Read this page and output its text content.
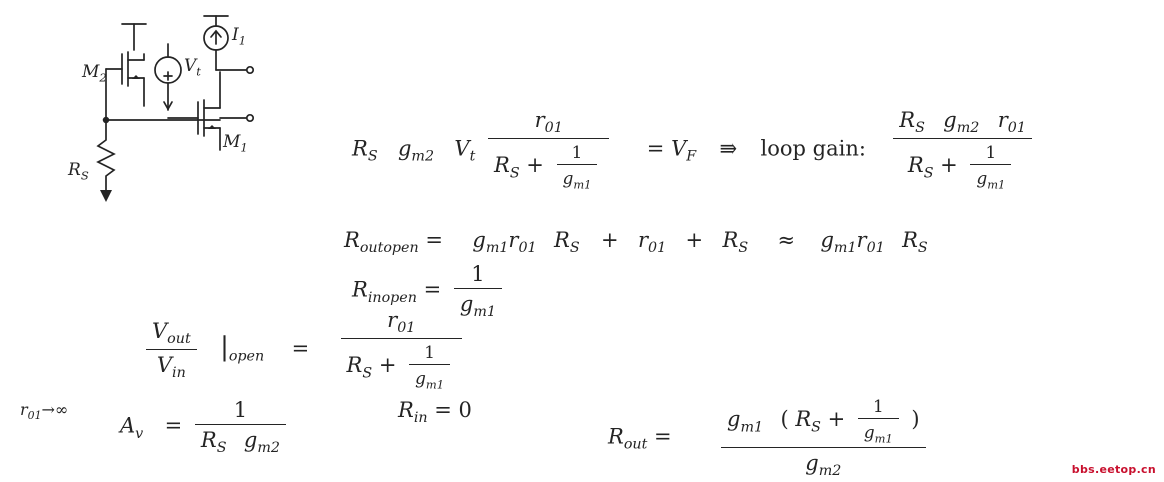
$M_2$
$M_1$
$I_1$
$V_t$
$R_S$
$R_S$ $g_{m2}$ $V_t \frac{r_{01}}{R_S + \frac{1}{g_{m1}}} = V_F$ ⇛ loop gain: $\frac{R_S g_{m2} r_{01}}{R_S + \frac{1}{g_{m1}}}$
$R_{outopen} = g_{m1}r_{01}$ $R_S + r_{01} + R_S \approx g_{m1}r_{01}$ $R_S$
$R_{inopen} = \frac{1}{g_{m1}}$
$\frac{V_{out}}{V_{in}} |_{open} = \frac{r_{01}}{R_S + \frac{1}{g_{m1}}}$
$r_{01}\to\infty$
$A_v = \frac{1}{R_S g_{m2}}$	$R_{in} = 0$
$R_{out}$ =
$g_{m1}$ ( $R_S + \frac{1}{g_{m1}}$ )
$g_{m2}$	bbs.eetop.cn
